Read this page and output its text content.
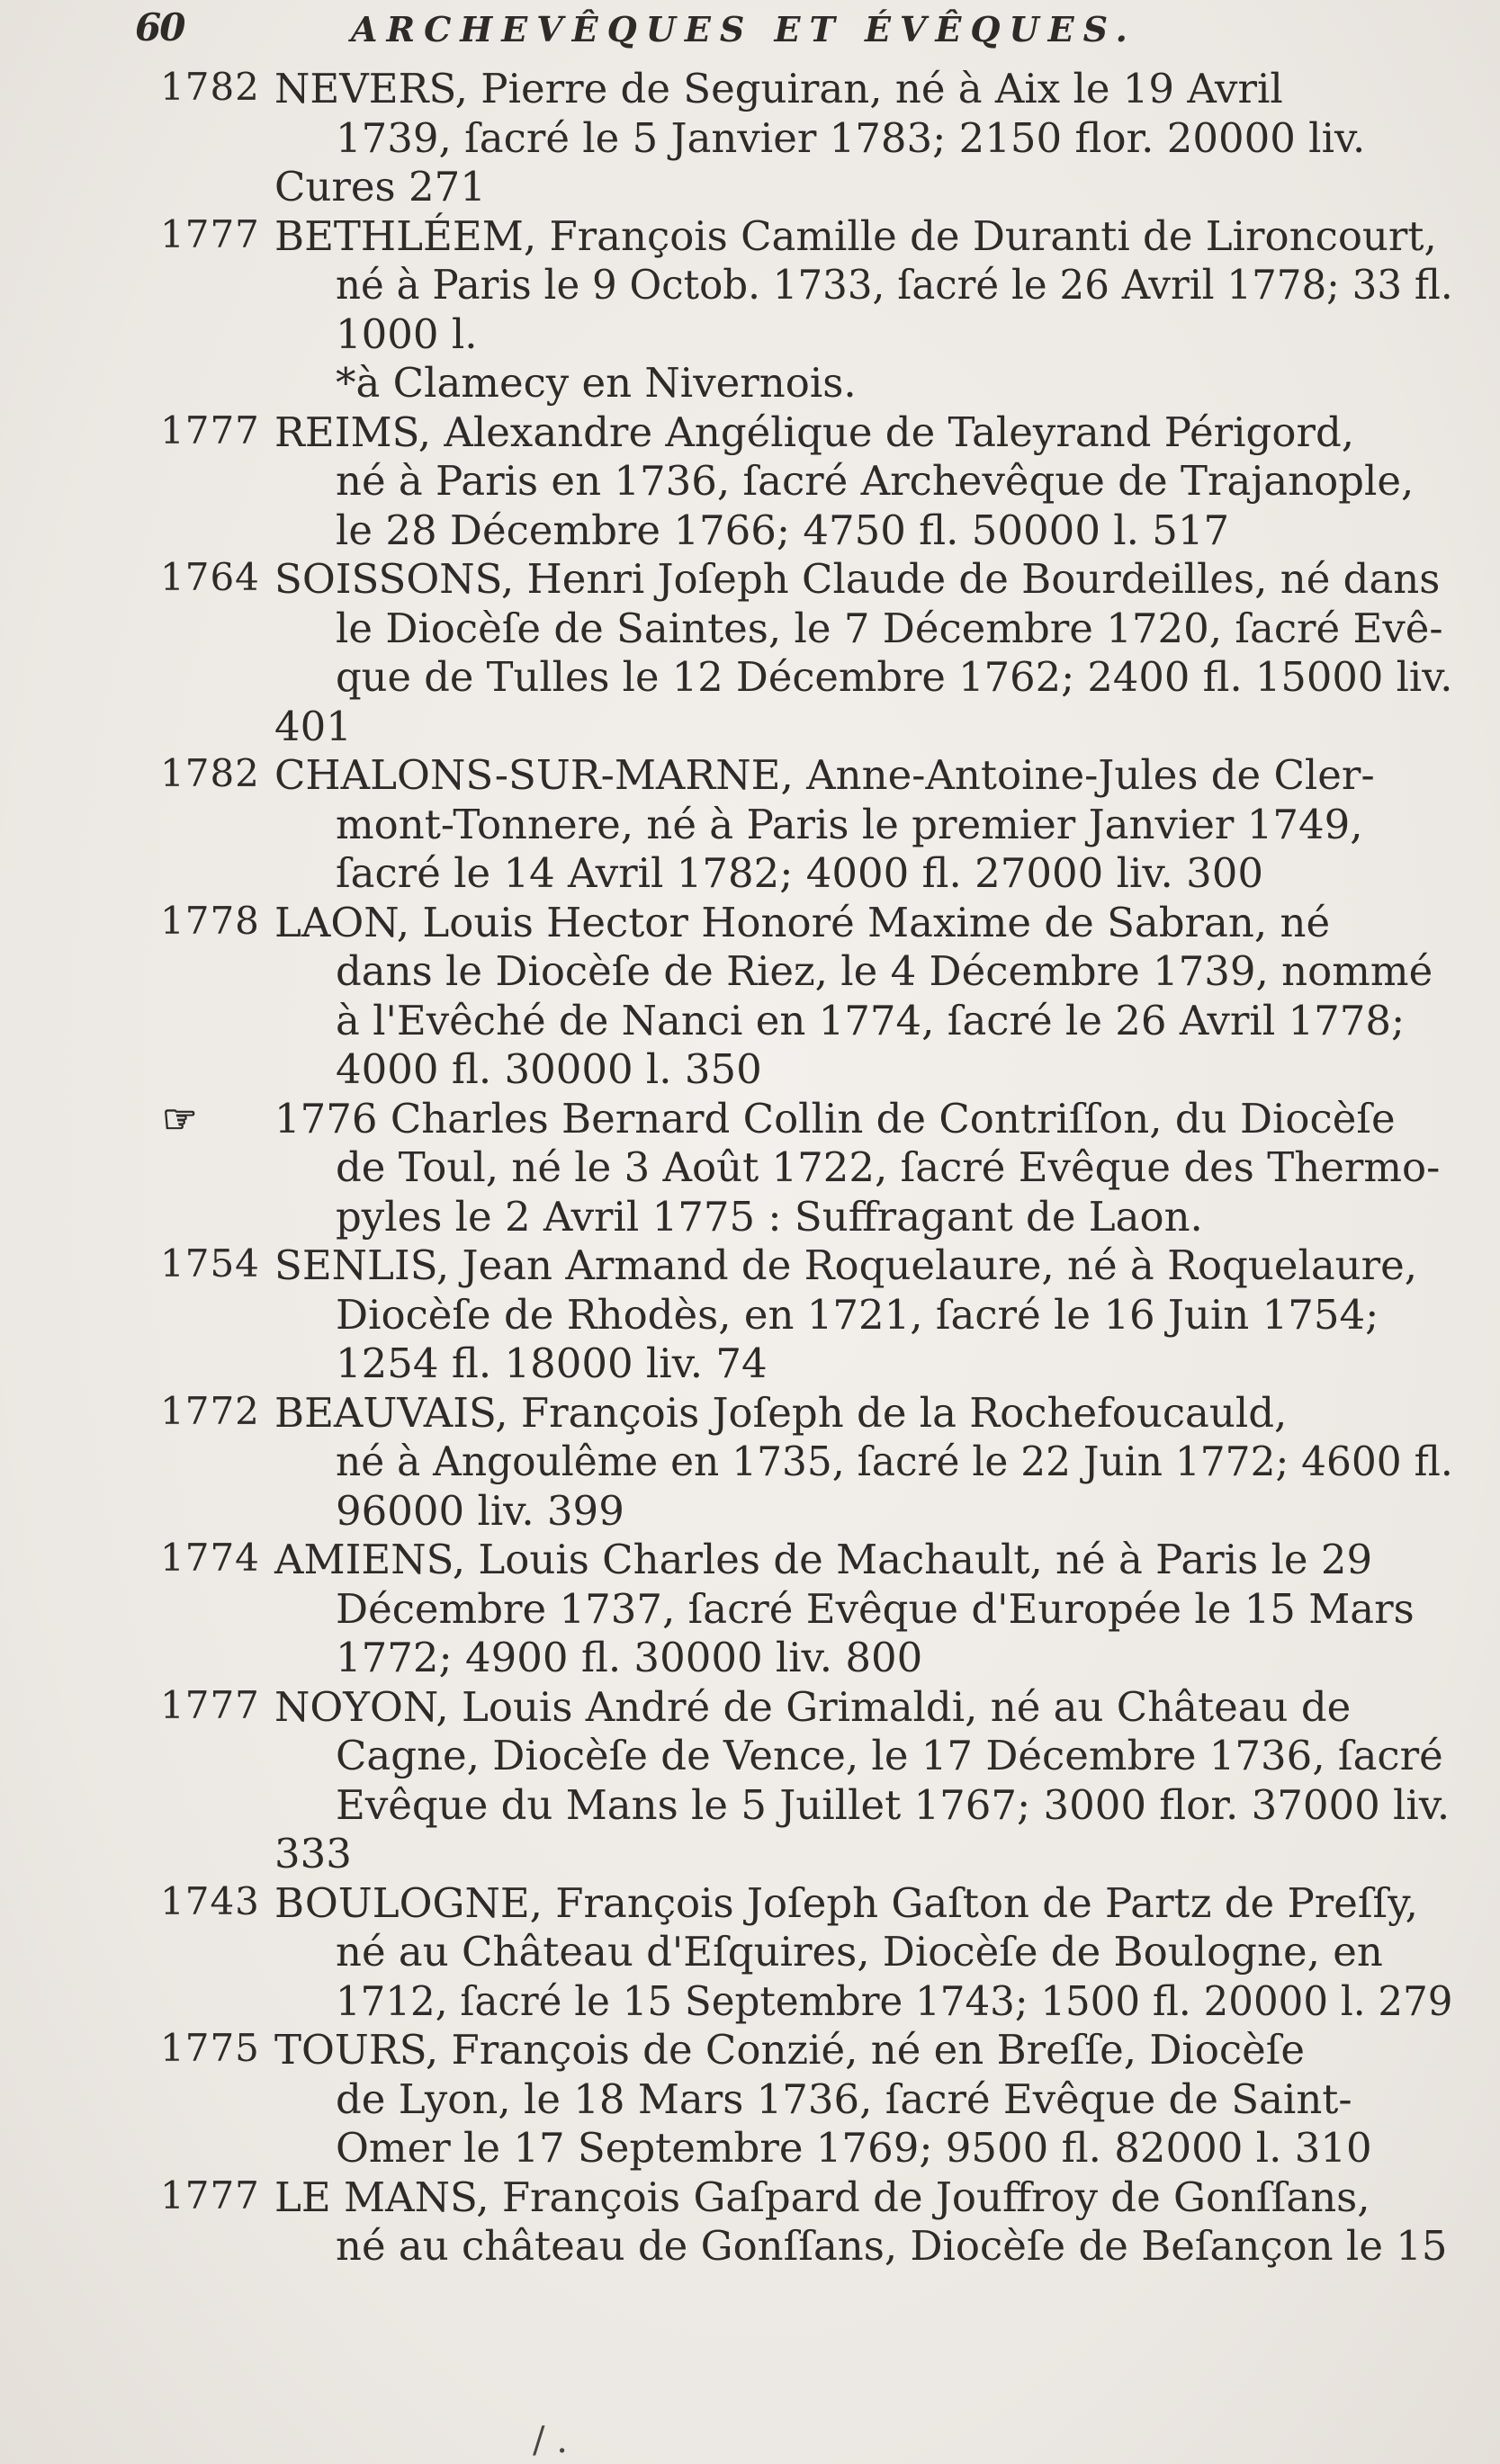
60	ARCHEVÊQUES ET ÉVÊQUES.
1782 NEVERS, Pierre de Seguiran, né à Aix le 19 Avril
1739, ſacré le 5 Janvier 1783; 2150 flor. 20000 liv.
Cures 271
1777 BETHLÉEM, François Camille de Duranti de Lironcourt,
né à Paris le 9 Octob. 1733, ſacré le 26 Avril 1778; 33 fl.
1000 l.
*à Clamecy en Nivernois.
1777 REIMS, Alexandre Angélique de Taleyrand Périgord,
né à Paris en 1736, ſacré Archevêque de Trajanople,
le 28 Décembre 1766; 4750 fl. 50000 l. 517
1764 SOISSONS, Henri Joſeph Claude de Bourdeilles, né dans
le Diocèſe de Saintes, le 7 Décembre 1720, ſacré Evê-
que de Tulles le 12 Décembre 1762; 2400 fl. 15000 liv.
401
1782 CHALONS-SUR-MARNE, Anne-Antoine-Jules de Cler-
mont-Tonnere, né à Paris le premier Janvier 1749,
ſacré le 14 Avril 1782; 4000 fl. 27000 liv. 300
1778 LAON, Louis Hector Honoré Maxime de Sabran, né
dans le Diocèſe de Riez, le 4 Décembre 1739, nommé
à l'Evêché de Nanci en 1774, ſacré le 26 Avril 1778;
4000 fl. 30000 l. 350
☞ 1776 Charles Bernard Collin de Contriſſon, du Diocèſe
de Toul, né le 3 Août 1722, ſacré Evêque des Thermo-
pyles le 2 Avril 1775 : Suffragant de Laon.
1754 SENLIS, Jean Armand de Roquelaure, né à Roquelaure,
Diocèſe de Rhodès, en 1721, ſacré le 16 Juin 1754;
1254 fl. 18000 liv. 74
1772 BEAUVAIS, François Joſeph de la Rochefoucauld,
né à Angoulême en 1735, ſacré le 22 Juin 1772; 4600 fl.
96000 liv. 399
1774 AMIENS, Louis Charles de Machault, né à Paris le 29
Décembre 1737, ſacré Evêque d'Europée le 15 Mars
1772; 4900 fl. 30000 liv. 800
1777 NOYON, Louis André de Grimaldi, né au Château de
Cagne, Diocèſe de Vence, le 17 Décembre 1736, ſacré
Evêque du Mans le 5 Juillet 1767; 3000 flor. 37000 liv.
333
1743 BOULOGNE, François Joſeph Gaſton de Partz de Preſſy,
né au Château d'Eſquires, Diocèſe de Boulogne, en
1712, ſacré le 15 Septembre 1743; 1500 fl. 20000 l. 279
1775 TOURS, François de Conzié, né en Breſſe, Diocèſe
de Lyon, le 18 Mars 1736, ſacré Evêque de Saint-
Omer le 17 Septembre 1769; 9500 fl. 82000 l. 310
1777 LE MANS, François Gaſpard de Jouffroy de Gonſſans,
né au château de Gonſſans, Diocèſe de Beſançon le 15
/ .
